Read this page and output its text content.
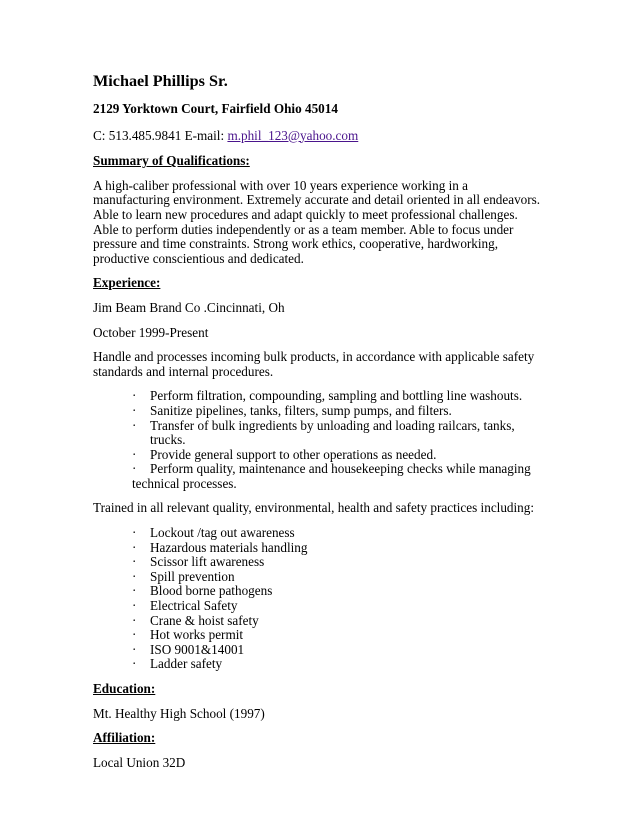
Michael Phillips Sr.
2129 Yorktown Court, Fairfield Ohio 45014
C: 513.485.9841 E-mail: m.phil_123@yahoo.com
Summary of Qualifications:

A high-caliber professional with over 10 years experience working in a manufacturing environment. Extremely accurate and detail oriented in all endeavors. Able to learn new procedures and adapt quickly to meet professional challenges. Able to perform duties independently or as a team member. Able to focus under pressure and time constraints. Strong work ethics, cooperative, hardworking, productive conscientious and dedicated.

Experience:

Jim Beam Brand Co .Cincinnati, Oh

October 1999-Present

Handle and processes incoming bulk products, in accordance with applicable safety standards and internal procedures.

· Perform filtration, compounding, sampling and bottling line washouts.
· Sanitize pipelines, tanks, filters, sump pumps, and filters.
· Transfer of bulk ingredients by unloading and loading railcars, tanks, trucks.
· Provide general support to other operations as needed.
· Perform quality, maintenance and housekeeping checks while managing
technical processes.

Trained in all relevant quality, environmental, health and safety practices including:

· Lockout /tag out awareness
· Hazardous materials handling
· Scissor lift awareness
· Spill prevention
· Blood borne pathogens
· Electrical Safety
· Crane & hoist safety
· Hot works permit
· ISO 9001&14001
· Ladder safety
Education:

Mt. Healthy High School (1997)

Affiliation:

Local Union 32D
